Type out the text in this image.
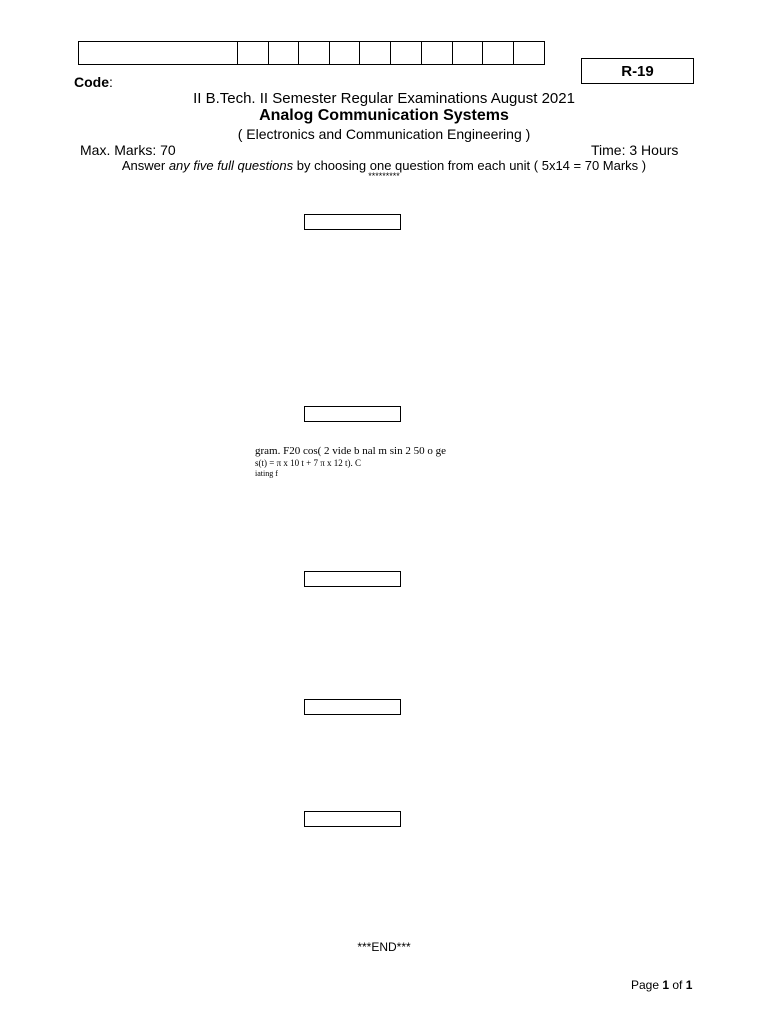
R-19
Code:
II B.Tech. II Semester Regular Examinations August 2021
Analog Communication Systems
( Electronics and Communication Engineering )
Max. Marks: 70	Time: 3 Hours
Answer any five full questions by choosing one question from each unit ( 5x14 = 70 Marks )
*********
gram. F20 cos( 2 vide b nal m sin 2 50 o ge
s(t) = π x 10 t + 7 π x 12 t). C
iating f
***END***
Page 1 of 1
